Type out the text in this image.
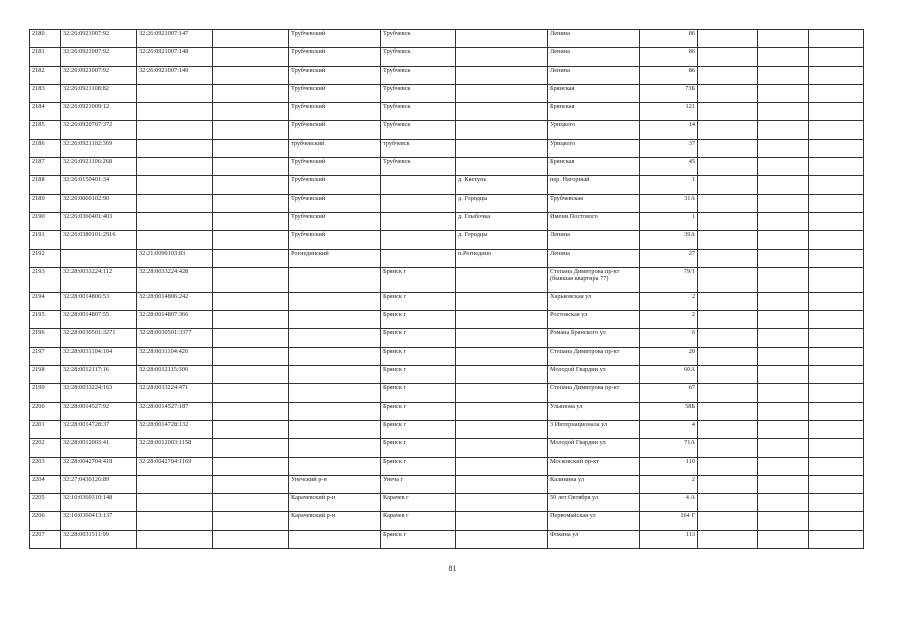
2180	32:26:0921007:92	32:26:0921007:147		Трубчевский	Трубчевск		Ленина	86			
2181	32:26:0921007:92	32:26:0921007:148		Трубчевский	Трубчевск		Ленина	86			
2182	32:26:0921007:92	32:26:0921007:149		Трубчевский	Трубчевск		Ленина	86			
2183	32:26:0921108:82			Трубчевский	Трубчевск		Брянская	73Б			
2184	32:26:0921009:12			Трубчевский	Трубчевск		Брянская	121			
2185	32:26:0920707:372			Трубчевский	Трубчевск		Урицкого	14			
2186	32:26:0921102:369			трубчевский	трубчевск		Урицкого	37			
2187	32:26:0921106:268			Трубчевский	Трубчевск		Брянская	45			
2188	32:26:0150401:34			Трубчевский		д. Кветунь	пер. Нагорный	1			
2189	32:26:0060102:90			Трубчевский		д. Городцы	Трубчевская	31А			
2190	32:26:0360401:403			Трубчевский		д. Глыбочка	Имени Постового	1			
2191	32:26:0380101:2916			Трубчевский		д. Городцы	Ленина	39А			
2192		32:21:0090103:83		Рогнединский		п.Рогнедино	Ленина	27			
2193	32:28:0033224:112	32:28:0033224:428			Брянск г		Степана Димитрова пр-кт (бывшая квартира 77)	79/1			
2194	32:28:0014806:53	32:28:0014806:242			Брянск г		Харьковская ул	2			
2195	32:28:0014807:55	32:28:0014807:366			Брянск г		Ростовская ул	2			
2196	32:28:0030501:3271	32:28:0030501:3377			Брянск г		Романа Брянского ул	6			
2197	32:28:0031104:104	32:28:0031104:426			Брянск г		Степана Димитрова пр-кт	20			
2198	32:28:0012117:16	32:28:0012115:300			Брянск г		Молодой Гвардии ул	60А			
2199	32:28:0033224:163	32:28:0033224:471			Брянск г		Степана Димитрова пр-кт	67			
2200	32:28:0014527:92	32:28:0014527:187			Брянск г		Ульянова ул	58Б			
2201	32:28:0014728:37	32:28:0014728:132			Брянск г		3 Интернационала ул	4			
2202	32:28:0012003:41	32:28:0012003:1158			Брянск г		Молодой Гвардии ул	71А			
2203	32:28:0042704:418	32:28:0042704:1169			Брянск г		Московский пр-кт	110			
2204	32:27:0430126:89			Унечский р-н	Унеча г		Калинина ул	2			
2205	32:10:0360310:148			Карачевский р-н	Карачев г		50 лет Октября ул	4 А			
2206	32:10:0360413:137			Карачевский р-н	Карачев г		Первомайская ул	164 Г			
2207	32:28:0031511:99				Брянск г		Фокина ул	113			
81
